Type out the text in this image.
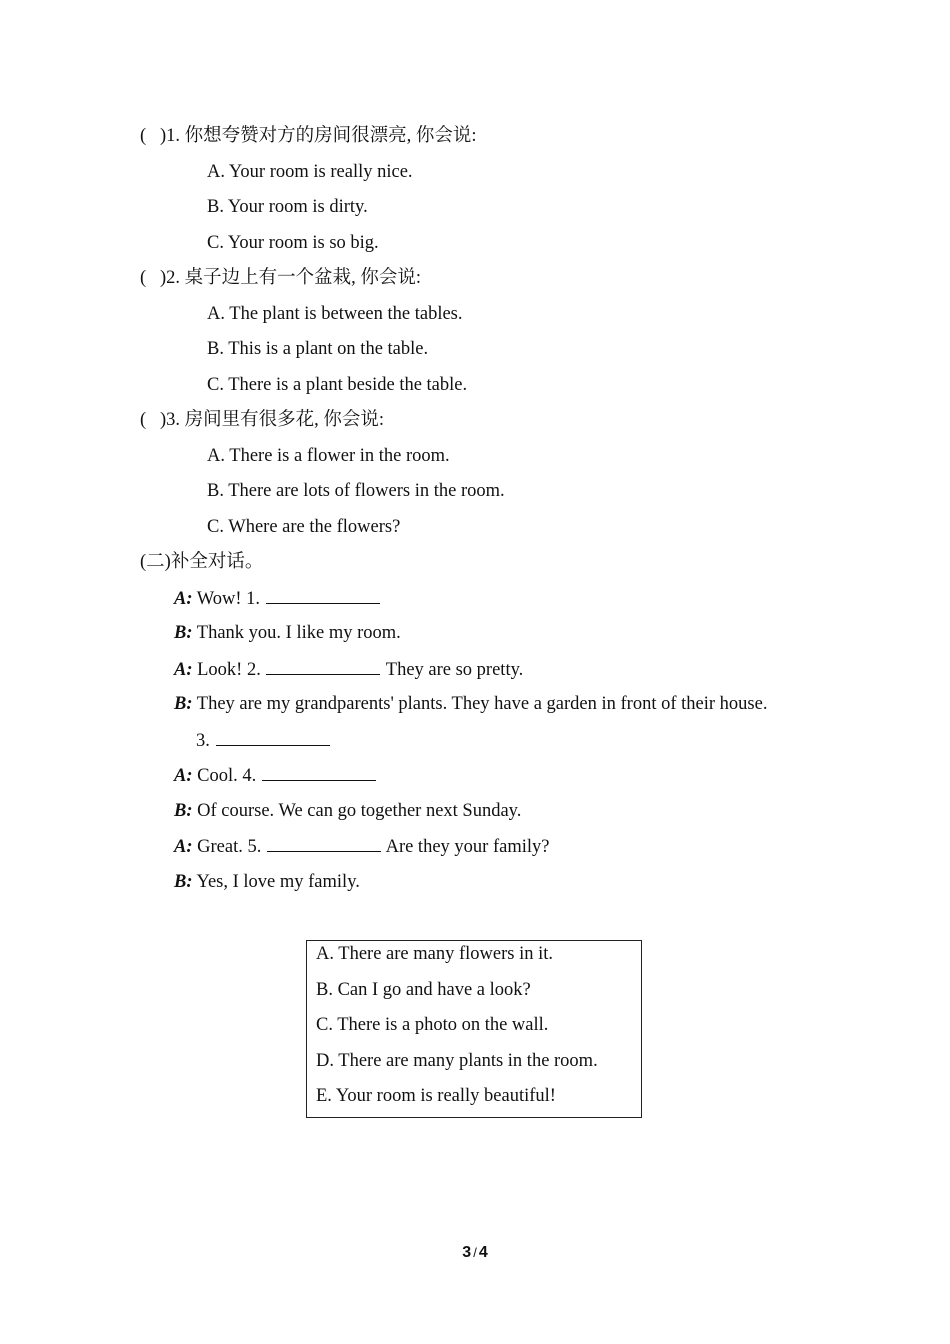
( )1. 你想夸赞对方的房间很漂亮, 你会说:
A. Your room is really nice.
B. Your room is dirty.
C. Your room is so big.
( )2. 桌子边上有一个盆栽, 你会说:
A. The plant is between the tables.
B. This is a plant on the table.
C. There is a plant beside the table.
( )3. 房间里有很多花, 你会说:
A. There is a flower in the room.
B. There are lots of flowers in the room.
C. Where are the flowers?
(二)补全对话。
A: Wow! 1.
B: Thank you. I like my room.
A: Look! 2.	They are so pretty.
B: They are my grandparents' plants. They have a garden in front of their house.
3.
A: Cool. 4.
B: Of course. We can go together next Sunday.
A: Great. 5.	Are they your family?
B: Yes, I love my family.
A. There are many flowers in it.
B. Can I go and have a look?
C. There is a photo on the wall.
D. There are many plants in the room.
E. Your room is really beautiful!
3 / 4
